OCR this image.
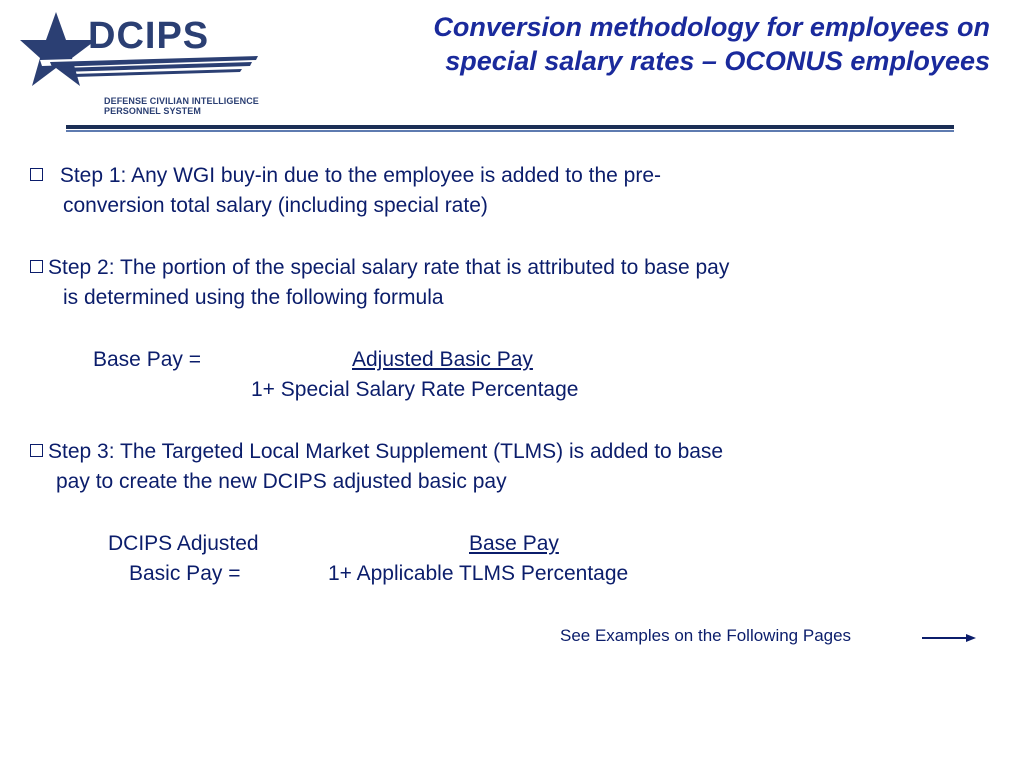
DCIPS
DEFENSE CIVILIAN INTELLIGENCE
PERSONNEL SYSTEM
Conversion methodology for employees on
special salary rates – OCONUS employees
Step 1: Any WGI buy-in due to the employee is added to the pre-
conversion total salary (including special rate)
Step 2: The portion of the special salary rate that is attributed to base pay
is determined using the following formula
Base Pay =	Adjusted Basic Pay
1+ Special Salary Rate Percentage
Step 3: The Targeted Local Market Supplement (TLMS) is added to base
pay to create the new DCIPS adjusted basic pay
DCIPS Adjusted
Basic Pay =
Base Pay
1+ Applicable TLMS Percentage
See Examples on the Following Pages
